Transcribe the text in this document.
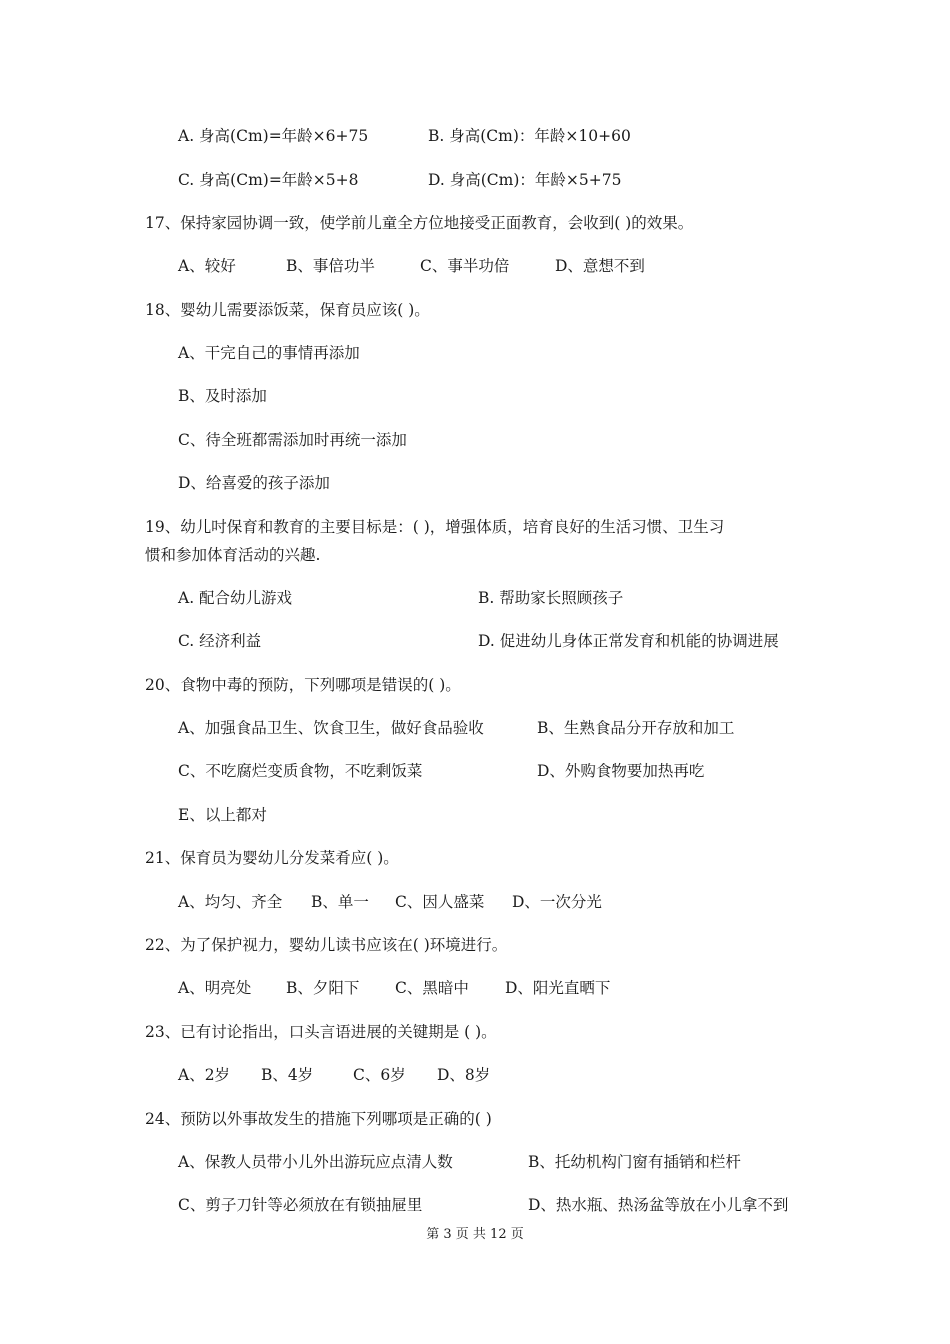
A. 身高(Cm)=年龄×6+75	B. 身高(Cm)：年龄×10+60

C. 身高(Cm)=年龄×5+8	D. 身高(Cm)：年龄×5+75

17、保持家园协调一致，使学前儿童全方位地接受正面教育，会收到( )的效果。

A、较好	B、事倍功半	C、事半功倍	D、意想不到

18、婴幼儿需要添饭菜，保育员应该( )。

A、干完自己的事情再添加

B、及时添加

C、待全班都需添加时再统一添加

D、给喜爱的孩子添加

19、幼儿吋保育和教育的主要目标是：( )，增强体质，培育良好的生活习惯、卫生习

惯和参加体育活动的兴趣.

A. 配合幼儿游戏	B. 帮助家长照顾孩子

C. 经济利益	D. 促进幼儿身体正常发育和机能的协调进展

20、食物中毒的预防，下列哪项是错误的( )。

A、加强食品卫生、饮食卫生，做好食品验收	B、生熟食品分开存放和加工

C、不吃腐烂变质食物，不吃剩饭菜	D、外购食物要加热再吃

E、以上都对

21、保育员为婴幼儿分发菜肴应( )。

A、均匀、齐全 B、单一 C、因人盛菜 D、一次分光

22、为了保护视力，婴幼儿读书应该在( )环境进行。

A、明亮处 B、夕阳下 C、黑暗中 D、阳光直晒下

23、已有讨论指出，口头言语进展的关键期是 ( )。

A、2岁 B、4岁	C、6岁 D、8岁

24、预防以外事故发生的措施下列哪项是正确的( )

A、保教人员带小儿外出游玩应点清人数	B、托幼机构门窗有插销和栏杆

C、剪子刀针等必须放在有锁抽屉里	D、热水瓶、热汤盆等放在小儿拿不到

第 3 页 共 12 页
